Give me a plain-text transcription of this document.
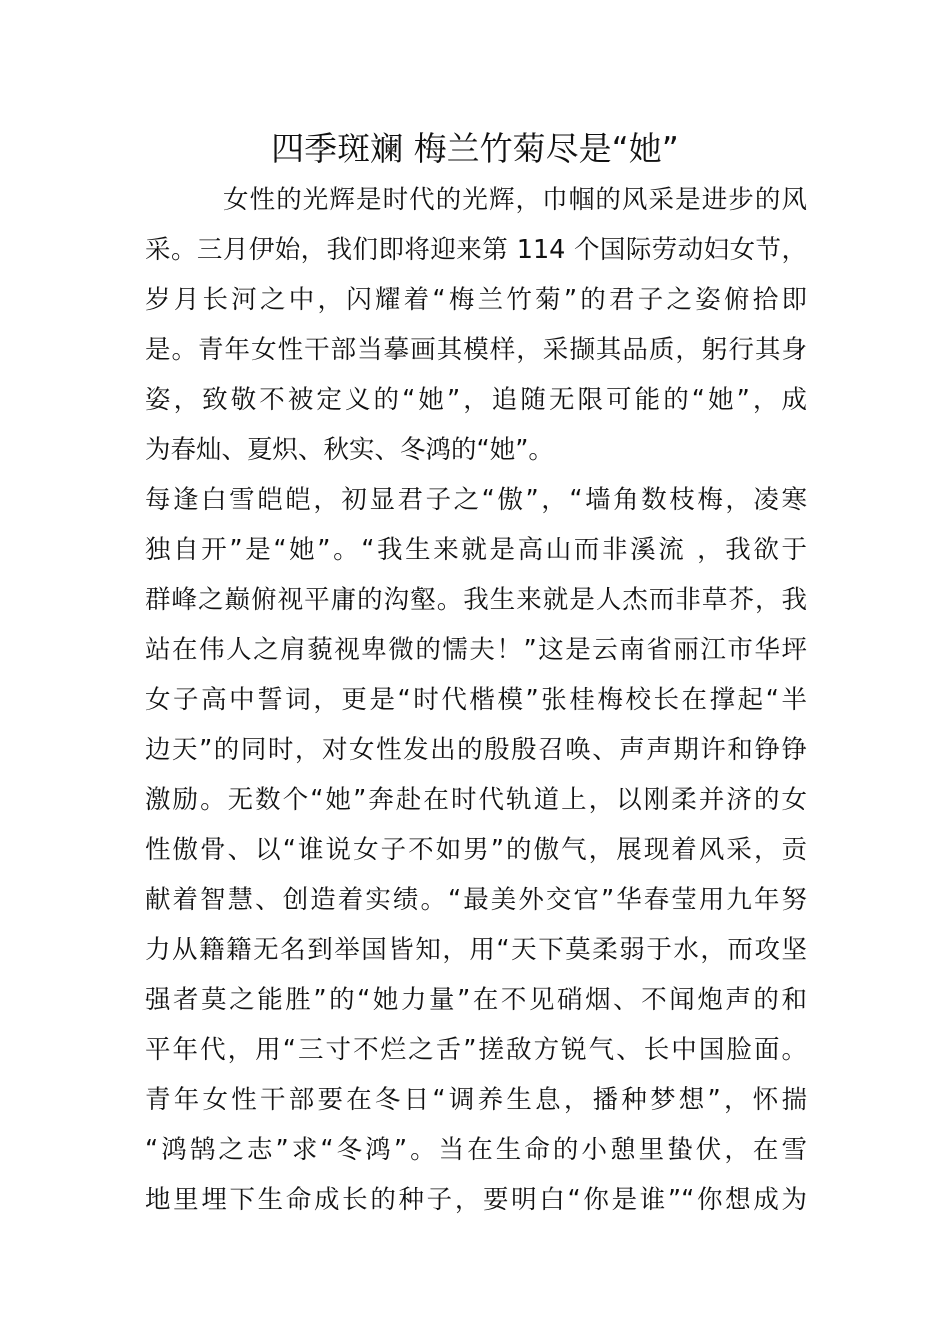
四季斑斓 梅兰竹菊尽是“她”
女性的光辉是时代的光辉，巾帼的风采是进步的风
采。三月伊始，我们即将迎来第 114 个国际劳动妇女节，
岁月长河之中，闪耀着“梅兰竹菊”的君子之姿俯拾即
是。青年女性干部当摹画其模样，采撷其品质，躬行其身
姿，致敬不被定义的“她”，追随无限可能的“她”，成
为春灿、夏炽、秋实、冬鸿的“她”。
每逢白雪皑皑，初显君子之“傲”，“墙角数枝梅，凌寒
独自开”是“她”。“我生来就是高山而非溪流 ，我欲于
群峰之巅俯视平庸的沟壑。我生来就是人杰而非草芥，我
站在伟人之肩藐视卑微的懦夫！”这是云南省丽江市华坪
女子高中誓词，更是“时代楷模”张桂梅校长在撑起“半
边天”的同时，对女性发出的殷殷召唤、声声期许和铮铮
激励。无数个“她”奔赴在时代轨道上，以刚柔并济的女
性傲骨、以“谁说女子不如男”的傲气，展现着风采，贡
献着智慧、创造着实绩。“最美外交官”华春莹用九年努
力从籍籍无名到举国皆知，用“天下莫柔弱于水，而攻坚
强者莫之能胜”的“她力量”在不见硝烟、不闻炮声的和
平年代，用“三寸不烂之舌”搓敌方锐气、长中国脸面。
青年女性干部要在冬日“调养生息，播种梦想”，怀揣
“鸿鹄之志”求“冬鸿”。当在生命的小憩里蛰伏，在雪
地里埋下生命成长的种子，要明白“你是谁”“你想成为
